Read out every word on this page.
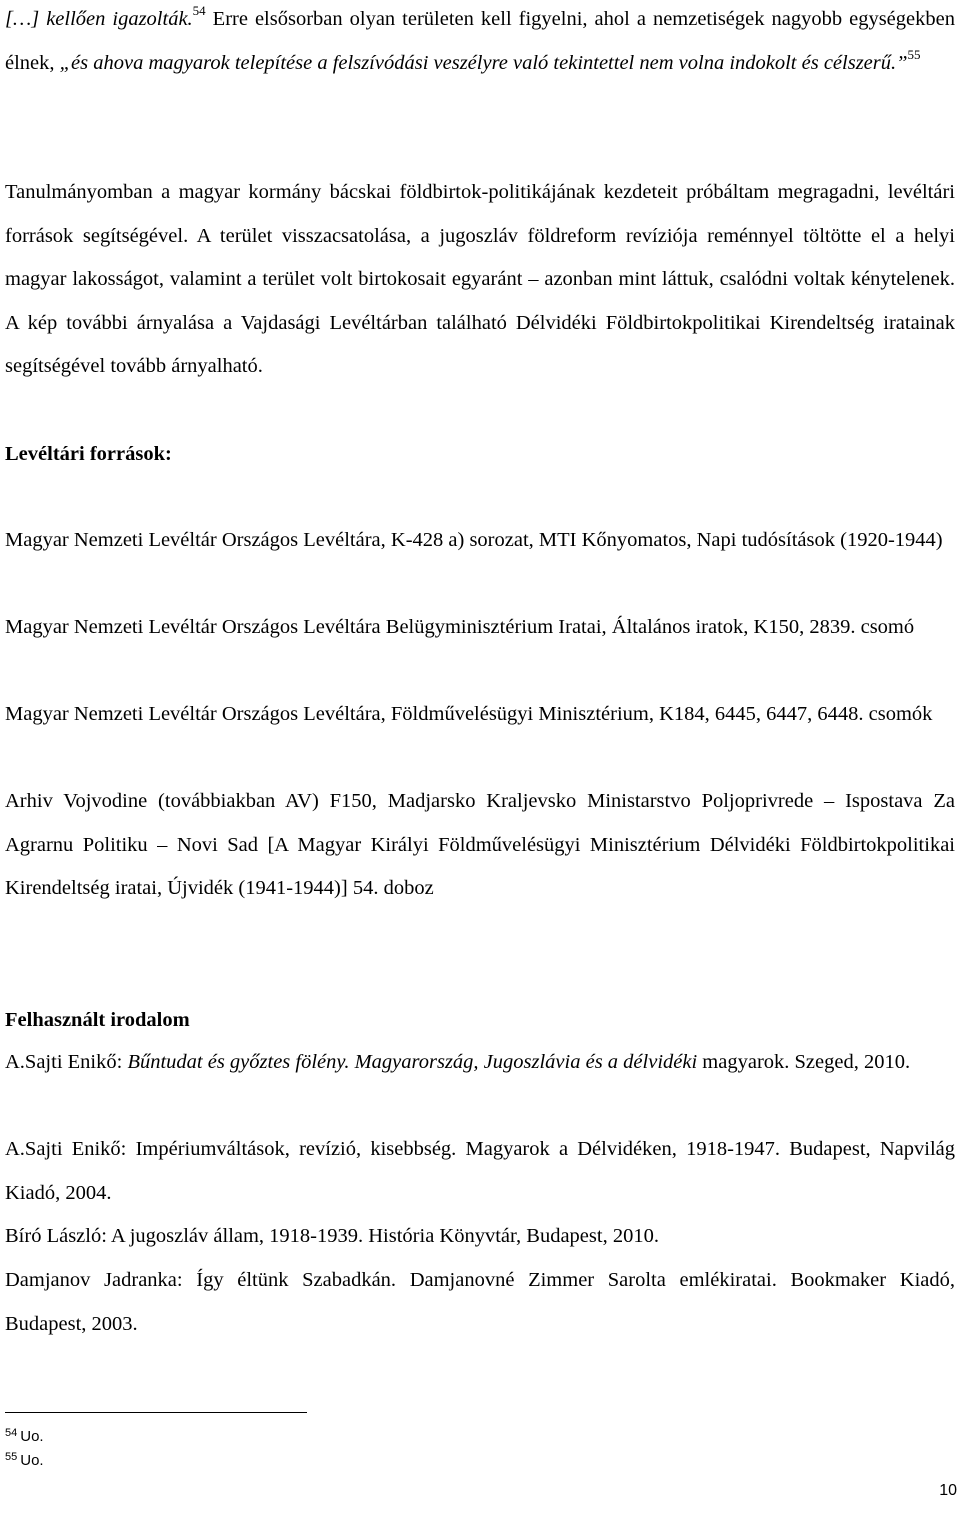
[…] kellően igazolták.$^{54}$ Erre elsősorban olyan területen kell figyelni, ahol a nemzetiségek nagyobb egységekben élnek, „és ahova magyarok telepítése a felszívódási veszélyre való tekintettel nem volna indokolt és célszerű.”$^{55}$

Tanulmányomban a magyar kormány bácskai földbirtok-politikájának kezdeteit próbáltam megragadni, levéltári források segítségével. A terület visszacsatolása, a jugoszláv földreform revíziója reménnyel töltötte el a helyi magyar lakosságot, valamint a terület volt birtokosait egyaránt – azonban mint láttuk, csalódni voltak kénytelenek. A kép további árnyalása a Vajdasági Levéltárban található Délvidéki Földbirtokpolitikai Kirendeltség iratainak segítségével tovább árnyalható.

Levéltári források:

Magyar Nemzeti Levéltár Országos Levéltára, K-428 a) sorozat, MTI Kőnyomatos, Napi tudósítások (1920-1944)

Magyar Nemzeti Levéltár Országos Levéltára Belügyminisztérium Iratai, Általános iratok, K150, 2839. csomó

Magyar Nemzeti Levéltár Országos Levéltára, Földművelésügyi Minisztérium, K184, 6445, 6447, 6448. csomók

Arhiv Vojvodine (továbbiakban AV) F150, Madjarsko Kraljevsko Ministarstvo Poljoprivrede – Ispostava Za Agrarnu Politiku – Novi Sad [A Magyar Királyi Földművelésügyi Minisztérium Délvidéki Földbirtokpolitikai Kirendeltség iratai, Újvidék (1941-1944)] 54. doboz

Felhasznált irodalom

A.Sajti Enikő: Bűntudat és győztes fölény. Magyarország, Jugoszlávia és a délvidéki magyarok. Szeged, 2010.

A.Sajti Enikő: Impériumváltások, revízió, kisebbség. Magyarok a Délvidéken, 1918-1947. Budapest, Napvilág Kiadó, 2004.

Bíró László: A jugoszláv állam, 1918-1939. História Könyvtár, Budapest, 2010.

Damjanov Jadranka: Így éltünk Szabadkán. Damjanovné Zimmer Sarolta emlékiratai. Bookmaker Kiadó, Budapest, 2003.

$^{54}$ Uo.

$^{55}$ Uo.

10
